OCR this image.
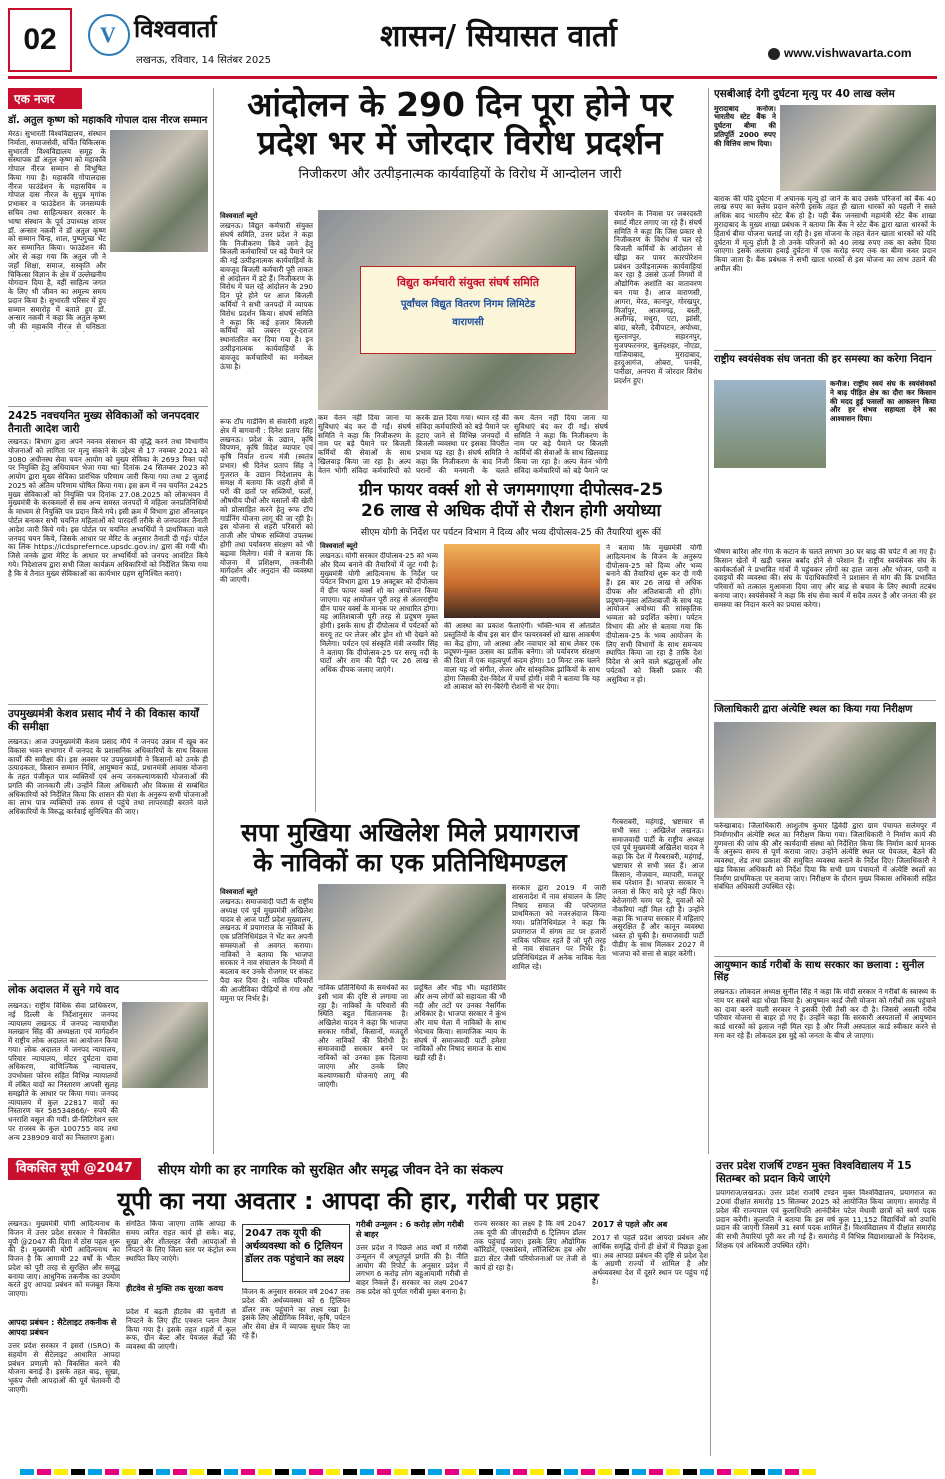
02	V विश्ववार्ता
लखनऊ, रविवार, 14 सितंबर 2025
शासन/ सियासत वार्ता	www.vishwavarta.com
एक नजर
डॉ. अतुल कृष्ण को महाकवि गोपाल दास नीरज सम्मान
मेरठ। सुभारती विश्वविद्यालय, संस्थान निर्माता, समाजसेवी, चर्चित चिकित्सक सुभारती विश्वविद्यालय समूह के संस्थापक डॉ अतुल कृष्ण को महाकवि गोपाल नीरज सम्मान से विभूषित किया गया है। महाकवि गोपालदास नीरज फाउंडेशन के महासचिव व गोपाल दास नीरज के सुपुत्र मृगांक प्रभाकर व फाउंडेशन के जनसम्पर्क सचिव तथा साहित्यकार सरकार के भाषा संस्थान के पूर्व उपाध्यक्ष शायर डॉ. अन्सार नक़वी ने डॉ अतुल कृष्ण को सम्मान चिन्ह, शाल, पुष्पगुच्छ भेंट कर सम्मानित किया। फाउंडेशन की ओर से कहा गया कि अतुल जी ने जहाँ शिक्षा, समाज, सस्कृति और चिकित्सा विज्ञान के क्षेत्र में उल्लेखनीय योगदान दिया है, वहीं साहित्य जगत के लिए भी जीवन का अमूल्य समय प्रदान किया है। सुभारती परिसर में हुए सम्मान समारोह में बताते हुए डॉ. अन्सार नक़वी ने कहा कि अतुल कृष्ण जी की महाकवि नीरज से घनिष्ठता
2425 नवचयनित मुख्य सेविकाओं को जनपदवार तैनाती आदेश जारी
लखनऊ। बिभाग द्वारा अपने नवनव संसाधन की वृद्धि करने तथा विभागीय योजनाओं को लागिता पर मृत्यु संकाने के उद्देश्य से 17 नवम्बर 2021 को 3080 अधीनस्थ सेवा चयन आयोग को मुख्य सेविका के 2693 रिक्त पदों पर नियुक्ति हेतु अधियाचन भेजा गया था। दिनांक 24 सितम्बर 2023 को आयोग द्वारा मुख्य सेविका प्रारंभिक परिणाम जारी किया गया तथा 2 जुलाई 2025 को अंतिम परिणाम घोषित किया गया। इस क्रम में नव चयनित 2425 मुख्य सेविकाओं को नियुक्ति पत्र दिनांक 27.08.2025 को लोकभवन में मुख्यमंत्री के करकमलों से सब अन्य समस्त जनपदों में महिला जनप्रतिनिधियों के माध्यम से नियुक्ति पत्र प्रदान किये गये। इसी क्रम में विभाग द्वारा ऑनलाइन पोर्टल बनाकर सभी चयनित महिलाओं को पारदर्शी तरीके से जनपदवार तैनाती आदेश जारी किये गये। इस पोर्टल पर चयनित अभ्यर्थियों ने प्राथमिकता वाले जनपद चयन किये, जिसके आधार पर मेरिट के अनुसार तैनाती दी गई। पोर्टल का लिंक https://icdsprefernce.upsdc.gov.in/ द्वारा की गयी थी। जिसे जनके द्वारा मेरिट के आधार पर अभ्यर्थियों को जनपद आवंटित किये गये। निदेशालय द्वारा सभी जिला कार्यक्रम अधिकारियों को निर्देशित किया गया है कि वे तैनात मुख्य सेविकाओं का कार्यभार ग्रहण सुनिश्चित कराएं।
उपमुख्यमंत्री केशव प्रसाद मौर्य ने की विकास कार्यों की समीक्षा
लखनऊ। आज उपमुख्यमंत्री केशव प्रसाद मौर्य ने जनपद उन्नाव में खूब कर विकास भवन सभागार में जनपद के प्रशासनिक अधिकारियों के साथ विकास कार्यों की समीक्षा की। इस अवसर पर उपमुख्यमंत्री ने किसानों को उनके ही उत्पादकता, किसान सम्मान निधि, आयुष्मान कार्ड, प्रधानमंत्री आवास योजना के तहत पंजीकृत पात्र व्यक्तियों एवं अन्य जनकल्याणकारी योजनाओं की प्रगति की जानकारी ली। उन्होंने जिला अधिकारी और विकास से सम्बंधित अधिकारियों को निर्देशित किया कि शासन की मंशा के अनुरूप सभी योजनाओं का लाभ पात्र व्यक्तियों तक समय से पहुंचे तथा लापरवाही बरतने वाले अधिकारियों के विरुद्ध कार्रवाई सुनिश्चित की जाए।
लोक अदालत में सुने गये वाद
लखनऊ। राष्ट्रीय विधिक सेवा प्राधिकरण, नई दिल्ली के निर्देशानुसार जनपद न्यायालय लखनऊ में जनपद न्यायाधीश मलखान सिंह की अध्यक्षता एवं मार्गदर्शन में राष्ट्रीय लोक अदालत का आयोजन किया गया। लोक अदालत में जनपद न्यायालय, परिवार न्यायालय, मोटर दुर्घटना दावा अधिकरण, वाणिज्यिक न्यायालय, उपभोक्ता फोरम सहित विभिन्न न्यायालयों में लंबित वादों का निस्तारण आपसी सुलह समझौते के आधार पर किया गया। जनपद न्यायालय में कुल 22817 वादों का निस्तारण कर 58534866/- रुपये की धनराशि वसूल की गयी। प्री-लिटिगेशन स्तर पर राजस्व के कुल 100755 वाद तथा अन्य 238909 वादों का निस्तारण हुआ।
आंदोलन के 290 दिन पूरा होने पर
प्रदेश भर में जोरदार विरोध प्रदर्शन
निजीकरण और उत्पीड़नात्मक कार्यवाहियों के विरोध में आन्दोलन जारी
विश्ववार्ता ब्यूरो
लखनऊ। विद्युत कर्मचारी संयुक्त संघर्ष समिति, उत्तर प्रदेश ने कहा कि निजीकरण किये जाने हेतु बिजली कर्मचारियों पर बड़े पैमाने पर की गई उत्पीड़नात्मक कार्यवाहियों के बावजूद बिजली कर्मचारी पूरी ताकत से आंदोलन में डटे हैं। निजीकरण के विरोध में चल रहे आंदोलन के 290 दिन पूरे होने पर आज बिजली कर्मियों ने सभी जनपदों में व्यापक विरोध प्रदर्शन किया। संघर्ष समिति ने कहा कि कई हजार बिजली कर्मियों को जबरन दूर-दराज स्थानांतरित कर दिया गया है। इन उत्पीड़नात्मक कार्यवाहियों के बावजूद कर्मचारियों का मनोबल ऊंचा है।
विद्युत कर्मचारी संयुक्त संघर्ष समिति
पूर्वांचल विद्युत वितरण निगम लिमिटेड
वाराणसी
चेयरमैन के निवास पर जबरदस्ती स्मार्ट मीटर लगाए जा रहे हैं। संघर्ष समिति ने कहा कि जिस प्रकार से निजीकरण के विरोध में चल रहे बिजली कर्मियों के आंदोलन से खीझ कर पावर कारपोरेशन प्रबंधन उत्पीड़नात्मक कार्यवाहियां कर रहा है उससे ऊर्जा निगमों में औद्योगिक अशांति का वातावरण बन गया है। आज वाराणसी, आगरा, मेरठ, कानपुर, गोरखपुर, मिर्जापुर, आजमगढ़, बस्ती, अलीगढ़, मथुरा, एटा, झांसी, बांदा, बरेली, देवीपाटन, अयोध्या, सुल्तानपुर, सहारनपुर, मुजफ्फरनगर, बुलंदशहर, नोएडा, गाजियाबाद, मुरादाबाद, हरदुआगंज, ओबरा, पनकी, पारीछा, अनपरा में जोरदार विरोध प्रदर्शन हुए।
कम वेतन नहीं दिया जाना या सुविधाएं बंद कर दी गईं। संघर्ष समिति ने कहा कि निजीकरण के नाम पर बड़े पैमाने पर बिजली कर्मियों की सेवाओं के साथ खिलवाड़ किया जा रहा है। अल्प वेतन भोगी संविदा कर्मचारियों को
करके डाल दिया गया। ध्यान रहे की संविदा कर्मचारियों को बड़े पैमाने पर हटाए जाने से विभिन्न जनपदों में बिजली व्यवस्था पर इसका विपरीत प्रभाव पड़ रहा है। संघर्ष समिति ने कहा कि निजीकरण के बाद निजी घरानों की मनमानी के चलते
कम वेतन नहीं दिया जाना या सुविधाएं बंद कर दी गईं। संघर्ष समिति ने कहा कि निजीकरण के नाम पर बड़े पैमाने पर बिजली कर्मियों की सेवाओं के साथ खिलवाड़ किया जा रहा है। अल्प वेतन भोगी संविदा कर्मचारियों को बड़े पैमाने पर
रूफ टॉप गार्डनिंग से संवारेंगी शहरी क्षेत्र में बागवानी : दिनेश प्रताप सिंह लखनऊ। प्रदेश के उद्यान, कृषि विपणन, कृषि विदेश व्यापार एवं कृषि निर्यात राज्य मंत्री (स्वतंत्र प्रभार) श्री दिनेश प्रताप सिंह ने गुजरात के उद्यान निदेशालय के समक्ष में बताया कि शहरी क्षेत्रों में घरों की छतों पर सब्जियों, फलों, औषधीय पौधों और मसालों की खेती को प्रोत्साहित करने हेतु रूफ टॉप गार्डनिंग योजना लागू की जा रही है। इस योजना से शहरी परिवारों को ताजी और पोषक सब्जियां उपलब्ध होंगी तथा पर्यावरण संरक्षण को भी बढ़ावा मिलेगा। मंत्री ने बताया कि योजना में प्रशिक्षण, तकनीकी मार्गदर्शन और अनुदान की व्यवस्था की जाएगी।
ग्रीन फायर वर्क्स शो से जगमगाएगा दीपोत्सव-25
26 लाख से अधिक दीपों से रौशन होगी अयोध्या
सीएम योगी के निर्देश पर पर्यटन विभाग ने दिव्य और भव्य दीपोत्सव-25 की तैयारियां शुरू कीं
विश्ववार्ता ब्यूरो
लखनऊ। योगी सरकार दीपोत्सव-25 को भव्य और दिव्य बनाने की तैयारियों में जुट गयी है। मुख्यमंत्री योगी आदित्यनाथ के निर्देश पर पर्यटन विभाग द्वारा 19 अक्टूबर को दीपोत्सव में ग्रीन फायर वर्क्स शो का आयोजन किया जाएगा। यह आयोजन पूरी तरह से अंतरराष्ट्रीय ग्रीन पायर वर्क्स के मानक पर आधारित होगा। यह आतिशबाजी पूरी तरह से प्रदूषण मुक्त होगी। इसके साथ ही दीपोत्सव में पर्यटकों को सरयू तट पर लेजर और ड्रोन शो भी देखने को मिलेगा। पर्यटन एवं संस्कृति मंत्री जयवीर सिंह ने बताया कि दीपोत्सव-25 पर सरयू नदी के घाटों और राम की पैड़ी पर 26 लाख से अधिक दीपक जलाए जाएंगे।
की आस्था का प्रकाश फैलाएंगी। भक्ति-भाव से ओतप्रोत प्रस्तुतियों के बीच इस बार ग्रीन फायरवर्क्स शो खास आकर्षण का केंद्र होगा, जो आस्था और नवाचार को साथ लेकर एक प्रदूषण-मुक्त उत्सव का प्रतीक बनेगा। जो पर्यावरण संरक्षण की दिशा में एक महत्वपूर्ण कदम होगा। 10 मिनट तक चलने वाला यह शो संगीत, लेजर और सांस्कृतिक झांकियों के साथ होगा जिसकी देश-विदेश में चर्चा होगी। मंत्री ने बताया कि यह शो आकाश को रंग-बिरंगी रोशनी से भर देगा।
ने बताया कि मुख्यमंत्री योगी आदित्यनाथ के विजन के अनुरूप दीपोत्सव-25 को दिव्य और भव्य बनाने की तैयारियां शुरू कर दी गयी हैं। इस बार 26 लाख से अधिक दीपक और अतिशबाजी शो होंगे। प्रदूषण-मुक्त अतिशबाजी के साथ यह आयोजन अयोध्या की सांस्कृतिक भव्यता को प्रदर्शित करेगा। पर्यटन विभाग की ओर से बताया गया कि दीपोत्सव-25 के भव्य आयोजन के लिए सभी विभागों के साथ समन्वय स्थापित किया जा रहा है ताकि देश विदेश से आने वाले श्रद्धालुओं और पर्यटकों को किसी प्रकार की असुविधा न हो।
सपा मुखिया अखिलेश मिले प्रयागराज
के नाविकों का एक प्रतिनिधिमण्डल
विश्ववार्ता ब्यूरो
लखनऊ। समाजवादी पार्टी के राष्ट्रीय अध्यक्ष एवं पूर्व मुख्यमंत्री अखिलेश यादव से आज पार्टी प्रदेश मुख्यालय, लखनऊ में प्रयागराज के नाविकों के एक प्रतिनिधिमंडल ने भेंट कर अपनी समस्याओं से अवगत कराया। नाविकों ने बताया कि भाजपा सरकार ने नाव संचालन के नियमों में बदलाव कर उनके रोजगार पर संकट पैदा कर दिया है। नाविक परिवारों की आजीविका पीढ़ियों से गंगा और यमुना पर निर्भर है।
नाविक प्रतिनिधियों के समर्थकों का इसी भाव की दृष्टि से लगाया जा रहा है। नाविकों के परिवारों की स्थिति बहुत चिंताजनक है। अखिलेश यादव ने कहा कि भाजपा सरकार गरीबों, किसानों, मजदूरों और नाविकों की विरोधी है। समाजवादी सरकार बनने पर नाविकों को उनका हक दिलाया जाएगा और उनके लिए कल्याणकारी योजनाएं लागू की जाएंगी।
प्रदूषित और भीड़ भी। महाशिविर और अन्य लोगों को सहायता की भी नदी और तटों पर उनका नैसर्गिक अधिकार है। भाजपा सरकार ने कुंभ और माघ मेला में नाविकों के साथ भेदभाव किया। सामाजिक न्याय के संघर्ष में समाजवादी पार्टी हमेशा नाविकों और निषाद समाज के साथ खड़ी रही है।
सरकार द्वारा 2019 में जारी शासनादेश में नाव संचालन के लिए निषाद समाज की परंपरागत प्राथमिकता को नजरअंदाज किया गया। प्रतिनिधिमंडल ने कहा कि प्रयागराज में संगम तट पर हजारों नाविक परिवार रहते हैं जो पूरी तरह से नाव संचालन पर निर्भर हैं। प्रतिनिधिमंडल में अनेक नाविक नेता शामिल रहे।
गैरबराबरी, महंगाई, भ्रष्टाचार से सभी त्रस्त : अखिलेश लखनऊ। समाजवादी पार्टी के राष्ट्रीय अध्यक्ष एवं पूर्व मुख्यमंत्री अखिलेश यादव ने कहा कि देश में गैरबराबरी, महंगाई, भ्रष्टाचार से सभी त्रस्त हैं। आज किसान, नौजवान, व्यापारी, मजदूर सब परेशान हैं। भाजपा सरकार ने जनता से किए वादे पूरे नहीं किए। बेरोजगारी चरम पर है, युवाओं को नौकरियां नहीं मिल रही हैं। उन्होंने कहा कि भाजपा सरकार में महिलाएं असुरक्षित हैं और कानून व्यवस्था ध्वस्त हो चुकी है। समाजवादी पार्टी पीडीए के साथ मिलकर 2027 में भाजपा को सत्ता से बाहर करेगी।
एसबीआई देगी दुर्घटना मृत्यु पर 40 लाख क्लेम
मुरादाबाद कनोज। भारतीय स्टेट बैंक ने दुर्घटना बीमा की प्रतिपूर्ति 2000 रुपए की वित्तिय लाभ दिया।
बाराक की यदि दुर्घटना में अचानक मृत्यु हो जाने के बाद उसके परिजनों को बैंक 40 लाख रुपए का क्लेम प्रदान करेगी इसके तहत ही खाता धारकों को पहली ने सस्ते अधिक बाद भारतीय स्टेट बैंक हो है। यही बैंक जनसाथी महामंत्री स्टेट बैंक शाखा मुरादाबाद के मुख्य शाखा प्रबंधक ने बताया कि बैंक ने स्टेट बैंक द्वारा खाता धारकों के हितार्थ बीमा योजना चलाई जा रही है। इस योजना के तहत वेतन खाता धारकों को यदि दुर्घटना में मृत्यु होती है तो उनके परिजनों को 40 लाख रुपए तक का क्लेम दिया जाएगा। इसके अलावा हवाई दुर्घटना में एक करोड़ रुपए तक का बीमा कवर प्रदान किया जाता है। बैंक प्रबंधक ने सभी खाता धारकों से इस योजना का लाभ उठाने की अपील की।
राष्ट्रीय स्वयंसेवक संघ जनता की हर समस्या का करेगा निदान
कनौज। राष्ट्रीय स्वयं संघ के स्वयंसेवकों ने बाढ़ पीड़ित क्षेत्र का दौरा कर किसान की मदद हुई फसलों का आकलन किया और हर संभव सहायता देने का आश्वासन दिया।
भीषण बारिश और गंगा के कटान के चलते लगभग 30 घर बाढ़ की चपेट में आ गए हैं। किसान खेतों में खड़ी फसल बर्बाद होने से परेशान हैं। राष्ट्रीय स्वयंसेवक संघ के कार्यकर्ताओं ने प्रभावित गांवों में पहुंचकर लोगों का हाल जाना और भोजन, पानी व दवाइयों की व्यवस्था की। संघ के पदाधिकारियों ने प्रशासन से मांग की कि प्रभावित परिवारों को तत्काल मुआवजा दिया जाए और बाढ़ से बचाव के लिए स्थायी तटबंध बनाया जाए। स्वयंसेवकों ने कहा कि संघ सेवा कार्य में सदैव तत्पर है और जनता की हर समस्या का निदान करने का प्रयास करेगा।
जिलाधिकारी द्वारा अंत्येष्टि स्थल का किया गया निरीक्षण
फर्रुखाबाद। जिलाधिकारी आशुतोष कुमार द्विवेदी द्वारा ग्राम पंचायत सलेमपुर में निर्माणाधीन अंत्येष्टि स्थल का निरीक्षण किया गया। जिलाधिकारी ने निर्माण कार्य की गुणवत्ता की जांच की और कार्यदायी संस्था को निर्देशित किया कि निर्माण कार्य मानक के अनुरूप समय से पूर्ण कराया जाए। उन्होंने अंत्येष्टि स्थल पर पेयजल, बैठने की व्यवस्था, शेड तथा प्रकाश की समुचित व्यवस्था कराने के निर्देश दिए। जिलाधिकारी ने खंड विकास अधिकारी को निर्देश दिया कि सभी ग्राम पंचायतों में अंत्येष्टि स्थलों का निर्माण प्राथमिकता पर कराया जाए। निरीक्षण के दौरान मुख्य विकास अधिकारी सहित संबंधित अधिकारी उपस्थित रहे।
आयुष्मान कार्ड गरीबों के साथ सरकार का छलावा : सुनील सिंह
लखनऊ। लोकदल अध्यक्ष सुनील सिंह ने कहा कि मोदी सरकार ने गरीबों के स्वास्थ्य के नाम पर सबसे बड़ा धोखा किया है। आयुष्मान कार्ड जैसी योजना को गरीबों तक पहुंचाने का दावा करने वाली सरकार ने इसकी ऐसी तैसी कर दी है। जिससे असली गरीब परिवार योजना से बाहर हो गए हैं। उन्होंने कहा कि सरकारी अस्पतालों में आयुष्मान कार्ड धारकों को इलाज नहीं मिल रहा है और निजी अस्पताल कार्ड स्वीकार करने से मना कर रहे हैं। लोकदल इस मुद्दे को जनता के बीच ले जाएगा।
विकसित यूपी @2047	सीएम योगी का हर नागरिक को सुरक्षित और समृद्ध जीवन देने का संकल्प
यूपी का नया अवतार : आपदा की हार, गरीबी पर प्रहार
लखनऊ। मुख्यमंत्री योगी आदित्यनाथ के विजन में उत्तर प्रदेश सरकार ने विकसित यूपी @2047 की दिशा में ठोस पहल शुरू की है। मुख्यमंत्री योगी आदित्यनाथ का विजन है कि आगामी 22 वर्षों के भीतर प्रदेश को पूरी तरह से सुरक्षित और समृद्ध बनाया जाए। आधुनिक तकनीक का उपयोग करते हुए आपदा प्रबंधन को मजबूत किया जाएगा।
आपदा प्रबंधन : सैटेलाइट तकनीक से आपदा प्रबंधन
उत्तर प्रदेश सरकार ने इसरो (ISRO) के सहयोग से सैटेलाइट आधारित आपदा प्रबंधन प्रणाली को विकसित करने की योजना बनाई है। इसके तहत बाढ़, सूखा, भूकंप जैसी आपदाओं की पूर्व चेतावनी दी जाएगी।
संगठित किया जाएगा ताकि आपदा के समय त्वरित राहत कार्य हो सके। बाढ़, सूखा और शीतलहर जैसी आपदाओं से निपटने के लिए जिला स्तर पर कंट्रोल रूम स्थापित किए जाएंगे।
हीटवेव से मुक्ति तक सुरक्षा कवच
प्रदेश में बढ़ती हीटवेव की चुनौती से निपटने के लिए हीट एक्शन प्लान तैयार किया गया है। इसके तहत शहरों में कूल रूफ, ग्रीन बेल्ट और पेयजल केंद्रों की व्यवस्था की जाएगी।
2047 तक यूपी की अर्थव्यवस्था को 6 ट्रिलियन डॉलर तक पहुंचाने का लक्ष्य
विजन के अनुसार सरकार वर्ष 2047 तक प्रदेश की अर्थव्यवस्था को 6 ट्रिलियन डॉलर तक पहुंचाने का लक्ष्य रखा है। इसके लिए औद्योगिक निवेश, कृषि, पर्यटन और सेवा क्षेत्र में व्यापक सुधार किए जा रहे हैं।
गरीबी उन्मूलन : 6 करोड़ लोग गरीबी से बाहर
उत्तर प्रदेश ने पिछले आठ वर्षों में गरीबी उन्मूलन में अभूतपूर्व प्रगति की है। नीति आयोग की रिपोर्ट के अनुसार प्रदेश में लगभग 6 करोड़ लोग बहुआयामी गरीबी से बाहर निकले हैं। सरकार का लक्ष्य 2047 तक प्रदेश को पूर्णतः गरीबी मुक्त बनाना है।
राज्य सरकार का लक्ष्य है कि वर्ष 2047 तक यूपी की जीएसडीपी 6 ट्रिलियन डॉलर तक पहुंचाई जाए। इसके लिए औद्योगिक कॉरिडोर, एक्सप्रेसवे, लॉजिस्टिक हब और डाटा सेंटर जैसी परियोजनाओं पर तेजी से कार्य हो रहा है।
2017 से पहले और अब
2017 से पहले प्रदेश आपदा प्रबंधन और आर्थिक समृद्धि दोनों ही क्षेत्रों में पिछड़ा हुआ था। अब आपदा प्रबंधन की दृष्टि से प्रदेश देश के अग्रणी राज्यों में शामिल है और अर्थव्यवस्था देश में दूसरे स्थान पर पहुंच गई है।
उत्तर प्रदेश राजर्षि टण्डन मुक्त विश्वविद्यालय में 15 सितम्बर को प्रदान किये जाएंगे
प्रयागराज/लखनऊ। उत्तर प्रदेश राजर्षि टण्डन मुक्त विश्वविद्यालय, प्रयागराज का 20वां दीक्षांत समारोह 15 सितम्बर 2025 को आयोजित किया जाएगा। समारोह में प्रदेश की राज्यपाल एवं कुलाधिपति आनंदीबेन पटेल मेधावी छात्रों को स्वर्ण पदक प्रदान करेंगी। कुलपति ने बताया कि इस वर्ष कुल 11,152 विद्यार्थियों को उपाधि प्रदान की जाएगी जिसमें 31 स्वर्ण पदक शामिल हैं। विश्वविद्यालय में दीक्षांत समारोह की सभी तैयारियां पूरी कर ली गई हैं। समारोह में विभिन्न विद्याशाखाओं के निदेशक, शिक्षक एवं अधिकारी उपस्थित रहेंगे।
